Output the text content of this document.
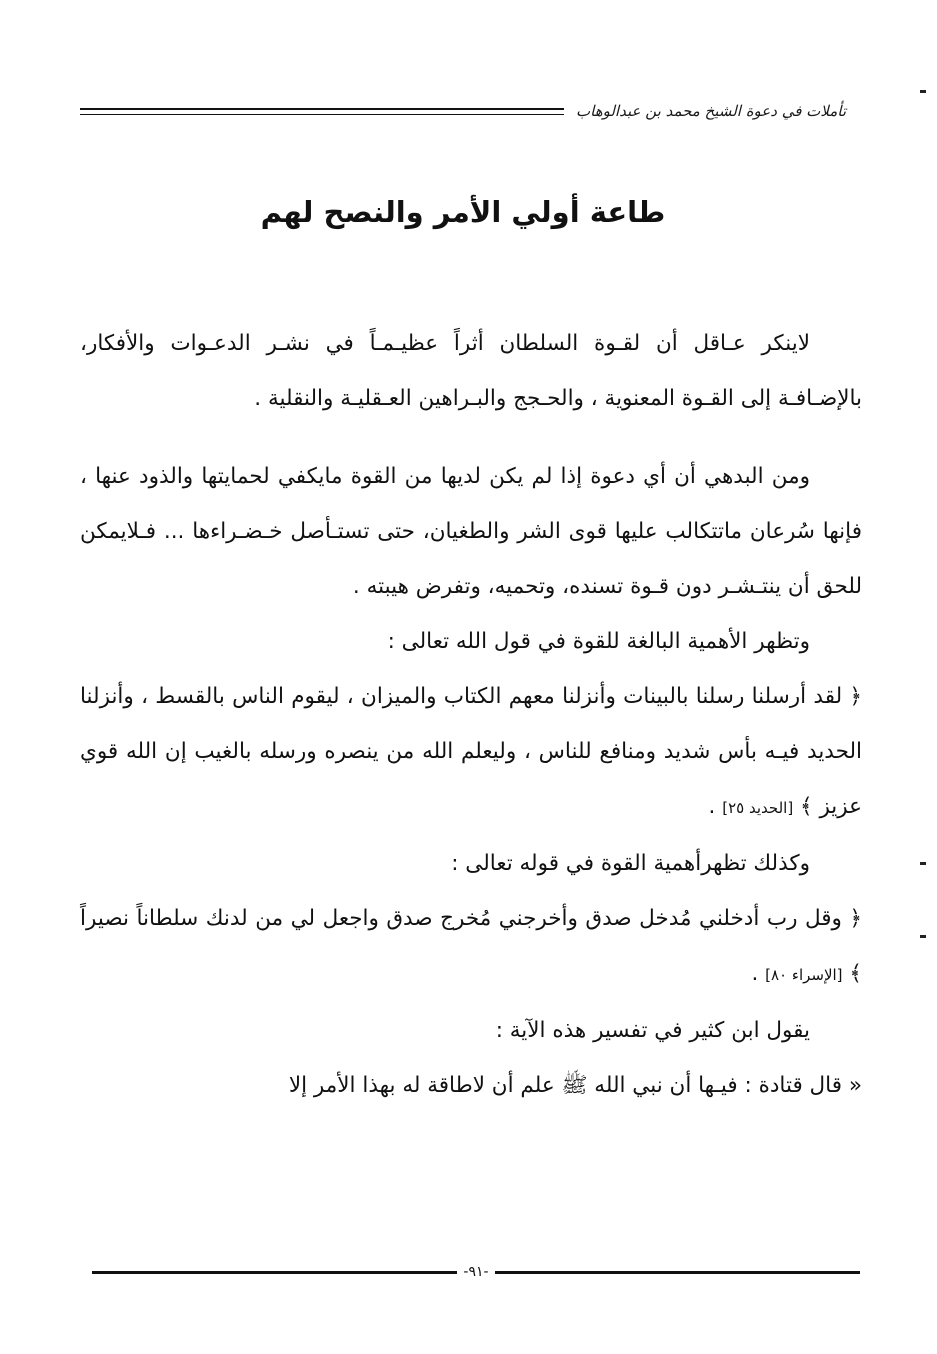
تأملات في دعوة الشيخ محمد بن عبدالوهاب
طاعة أولي الأمر والنصح لهم

لاينكر عـاقل أن لقـوة السلطان أثراً عظيـمـاً في نشـر الدعـوات والأفكار، بالإضـافـة إلى القـوة المعنوية ، والحـجج والبـراهين العـقليـة والنقلية .

ومن البدهي أن أي دعوة إذا لم يكن لديها من القوة مايكفي لحمايتها والذود عنها ، فإنها سُرعان ماتتكالب عليها قوى الشر والطغيان، حتى تستـأصل خـضـراءها ... فـلايمكن للحق أن ينتـشـر دون قـوة تسنده، وتحميه، وتفرض هيبته .

وتظهر الأهمية البالغة للقوة في قول الله تعالى :

﴿ لقد أرسلنا رسلنا بالبينات وأنزلنا معهم الكتاب والميزان ، ليقوم الناس بالقسط ، وأنزلنا الحديد فيـه بأس شديد ومنافع للناس ، وليعلم الله من ينصره ورسله بالغيب إن الله قوي عزيز ﴾ [الحديد ٢٥] .

وكذلك تظهرأهمية القوة في قوله تعالى :

﴿ وقل رب أدخلني مُدخل صدق وأخرجني مُخرج صدق واجعل لي من لدنك سلطاناً نصيراً ﴾ [الإسراء ٨٠] .

يقول ابن كثير في تفسير هذه الآية :

« قال قتادة : فيـها أن نبي الله ﷺ علم أن لاطاقة له بهذا الأمر إلا

-٩١-
